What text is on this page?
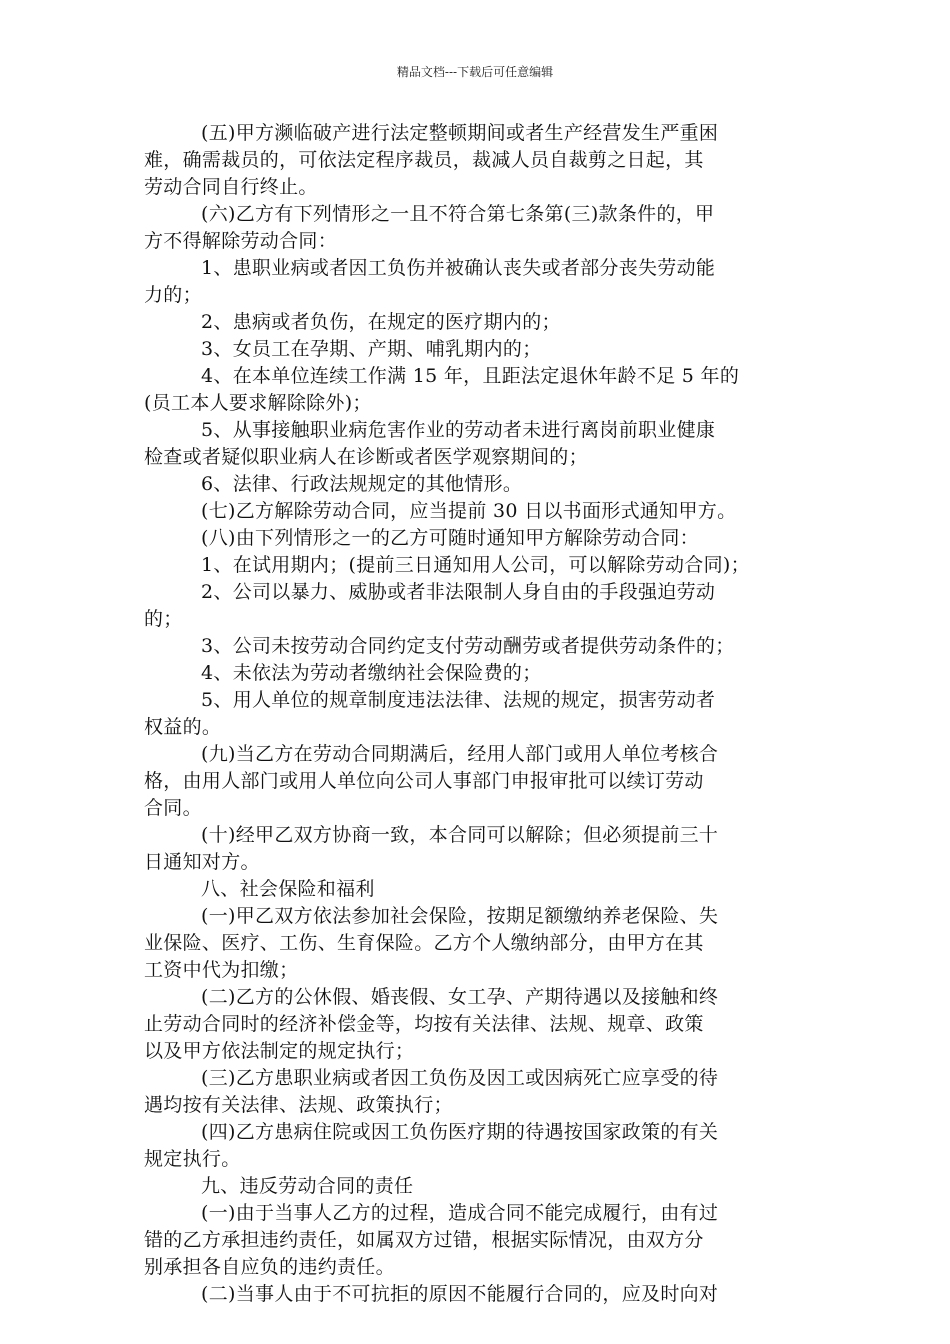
精品文档---下载后可任意编辑
(五)甲方濒临破产进行法定整顿期间或者生产经营发生严重困
难，确需裁员的，可依法定程序裁员，裁减人员自裁剪之日起，其
劳动合同自行终止。
(六)乙方有下列情形之一且不符合第七条第(三)款条件的，甲
方不得解除劳动合同：
1、患职业病或者因工负伤并被确认丧失或者部分丧失劳动能
力的；
2、患病或者负伤，在规定的医疗期内的；
3、女员工在孕期、产期、哺乳期内的；
4、在本单位连续工作满 15 年，且距法定退休年龄不足 5 年的
(员工本人要求解除除外)；
5、从事接触职业病危害作业的劳动者未进行离岗前职业健康
检查或者疑似职业病人在诊断或者医学观察期间的；
6、法律、行政法规规定的其他情形。
(七)乙方解除劳动合同，应当提前 30 日以书面形式通知甲方。
(八)由下列情形之一的乙方可随时通知甲方解除劳动合同：
1、在试用期内；(提前三日通知用人公司，可以解除劳动合同)；
2、公司以暴力、威胁或者非法限制人身自由的手段强迫劳动
的；
3、公司未按劳动合同约定支付劳动酬劳或者提供劳动条件的；
4、未依法为劳动者缴纳社会保险费的；
5、用人单位的规章制度违法法律、法规的规定，损害劳动者
权益的。
(九)当乙方在劳动合同期满后，经用人部门或用人单位考核合
格，由用人部门或用人单位向公司人事部门申报审批可以续订劳动
合同。
(十)经甲乙双方协商一致，本合同可以解除；但必须提前三十
日通知对方。
八、社会保险和福利
(一)甲乙双方依法参加社会保险，按期足额缴纳养老保险、失
业保险、医疗、工伤、生育保险。乙方个人缴纳部分，由甲方在其
工资中代为扣缴；
(二)乙方的公休假、婚丧假、女工孕、产期待遇以及接触和终
止劳动合同时的经济补偿金等，均按有关法律、法规、规章、政策
以及甲方依法制定的规定执行；
(三)乙方患职业病或者因工负伤及因工或因病死亡应享受的待
遇均按有关法律、法规、政策执行；
(四)乙方患病住院或因工负伤医疗期的待遇按国家政策的有关
规定执行。
九、违反劳动合同的责任
(一)由于当事人乙方的过程，造成合同不能完成履行，由有过
错的乙方承担违约责任，如属双方过错，根据实际情况，由双方分
别承担各自应负的违约责任。
(二)当事人由于不可抗拒的原因不能履行合同的，应及时向对
